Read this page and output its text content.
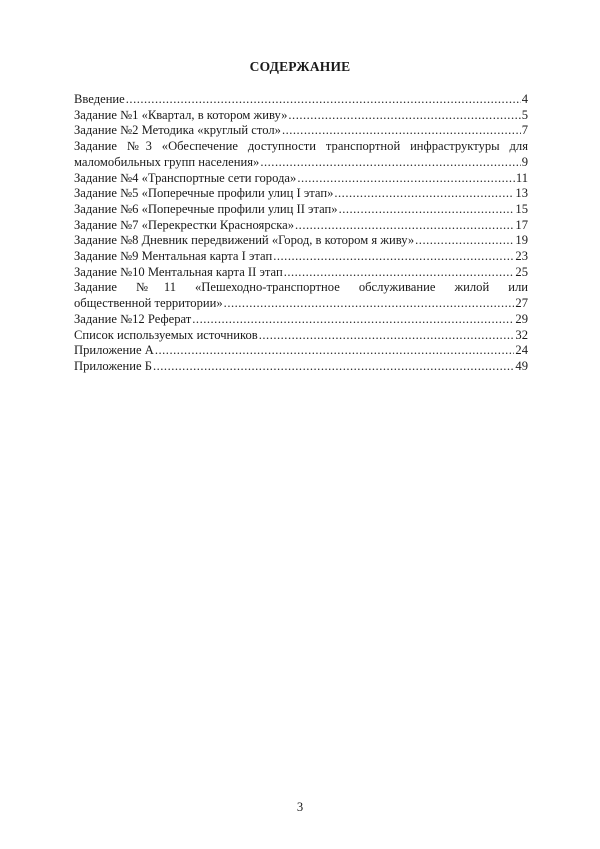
СОДЕРЖАНИЕ
Введение .....	4
Задание №1 «Квартал, в котором живу» .....	5
Задание №2 Методика «круглый стол» .....	7
Задание №3 «Обеспечение доступности транспортной инфраструктуры для
маломобильных групп населения» .....	9
Задание №4 «Транспортные сети города» .....	11
Задание №5 «Поперечные профили улиц I этап» .....	13
Задание №6 «Поперечные профили улиц II этап» .....	15
Задание №7 «Перекрестки Красноярска» .....	17
Задание №8 Дневник передвижений «Город, в котором я живу» .....	19
Задание №9 Ментальная карта I этап .....	23
Задание №10 Ментальная карта II этап .....	25
Задание №11 «Пешеходно-транспортное обслуживание жилой или
общественной территории» .....	27
Задание №12 Реферат .....	29
Список используемых источников .....	32
Приложение А .....	24
Приложение Б .....	49
3
